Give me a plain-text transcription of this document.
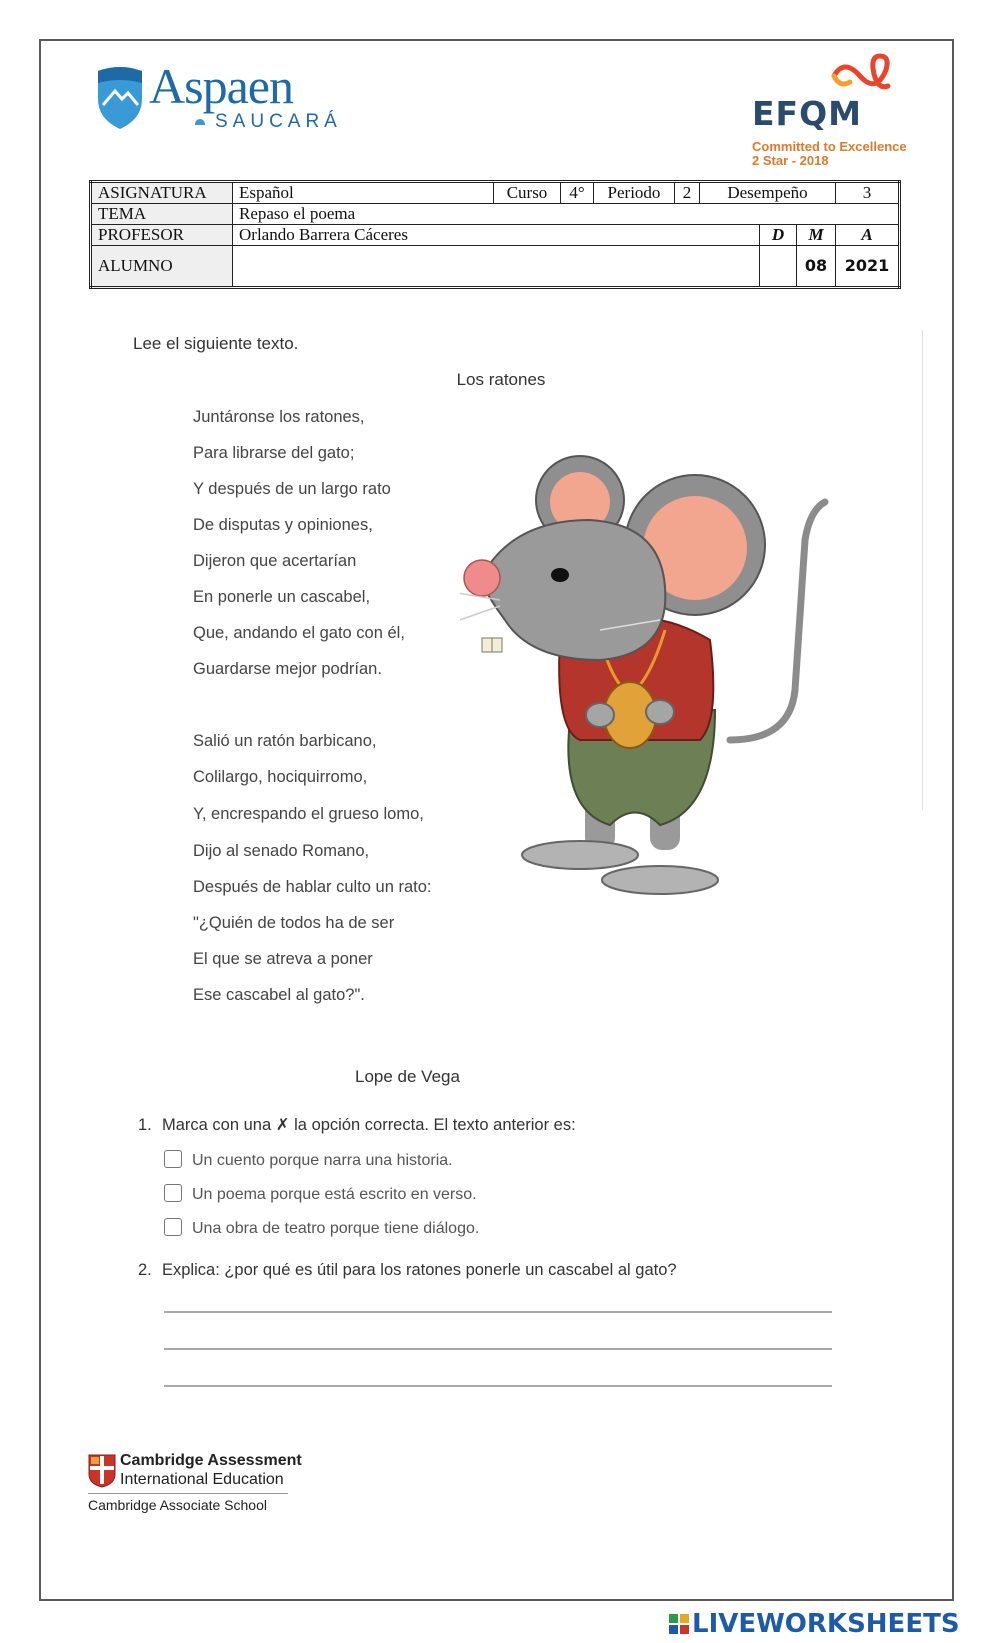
Aspaen
SAUCARÁ	EFQM
Committed to Excellence
2 Star - 2018
ASIGNATURA	Español	Curso	4°	Periodo	2	Desempeño			3
TEMA	Repaso el poema								
PROFESOR	Orlando Barrera Cáceres						D	M	A
ALUMNO								08	2021
Lee el siguiente texto.
Los ratones
Juntáronse los ratones,
Para librarse del gato;
Y después de un largo rato
De disputas y opiniones,
Dijeron que acertarían
En ponerle un cascabel,
Que, andando el gato con él,
Guardarse mejor podrían.
Salió un ratón barbicano,
Colilargo, hociquirromo,
Y, encrespando el grueso lomo,
Dijo al senado Romano,
Después de hablar culto un rato:
"¿Quién de todos ha de ser
El que se atreva a poner
Ese cascabel al gato?".
Lope de Vega
1. Marca con una ✗ la opción correcta. El texto anterior es:
Un cuento porque narra una historia.
Un poema porque está escrito en verso.
Una obra de teatro porque tiene diálogo.
2. Explica: ¿por qué es útil para los ratones ponerle un cascabel al gato?
Cambridge Assessment
International Education
Cambridge Associate School
LIVEWORKSHEETS
